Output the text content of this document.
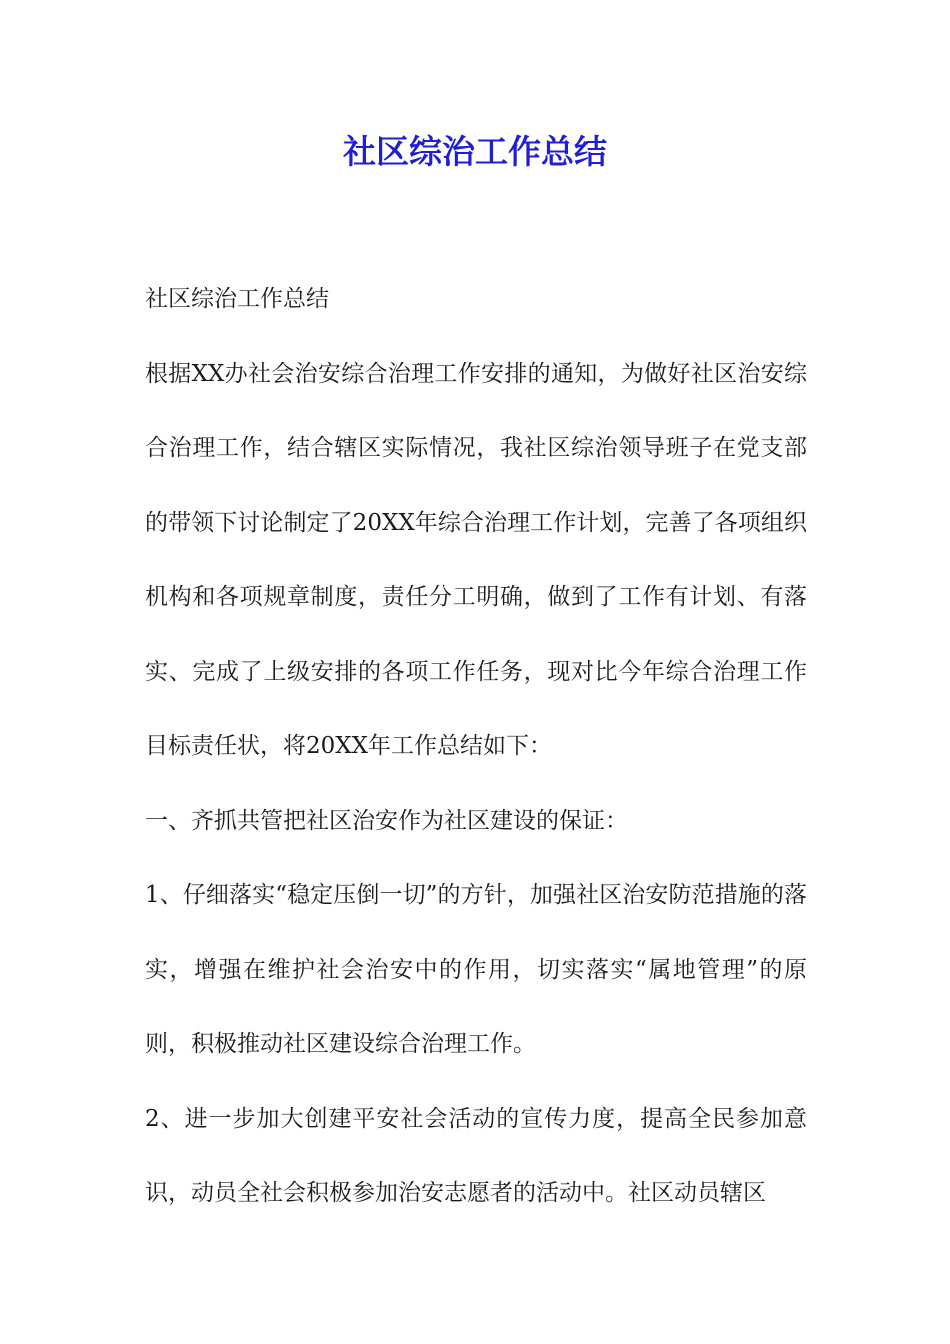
社区综治工作总结

社区综治工作总结

根据XX办社会治安综合治理工作安排的通知，为做好社区治安综合治理工作，结合辖区实际情况，我社区综治领导班子在党支部的带领下讨论制定了20XX年综合治理工作计划，完善了各项组织机构和各项规章制度，责任分工明确，做到了工作有计划、有落实、完成了上级安排的各项工作任务，现对比今年综合治理工作目标责任状，将20XX年工作总结如下：

一、齐抓共管把社区治安作为社区建设的保证：

1、仔细落实“稳定压倒一切”的方针，加强社区治安防范措施的落实，增强在维护社会治安中的作用，切实落实“属地管理”的原则，积极推动社区建设综合治理工作。

2、进一步加大创建平安社会活动的宣传力度，提高全民参加意识，动员全社会积极参加治安志愿者的活动中。社区动员辖区
